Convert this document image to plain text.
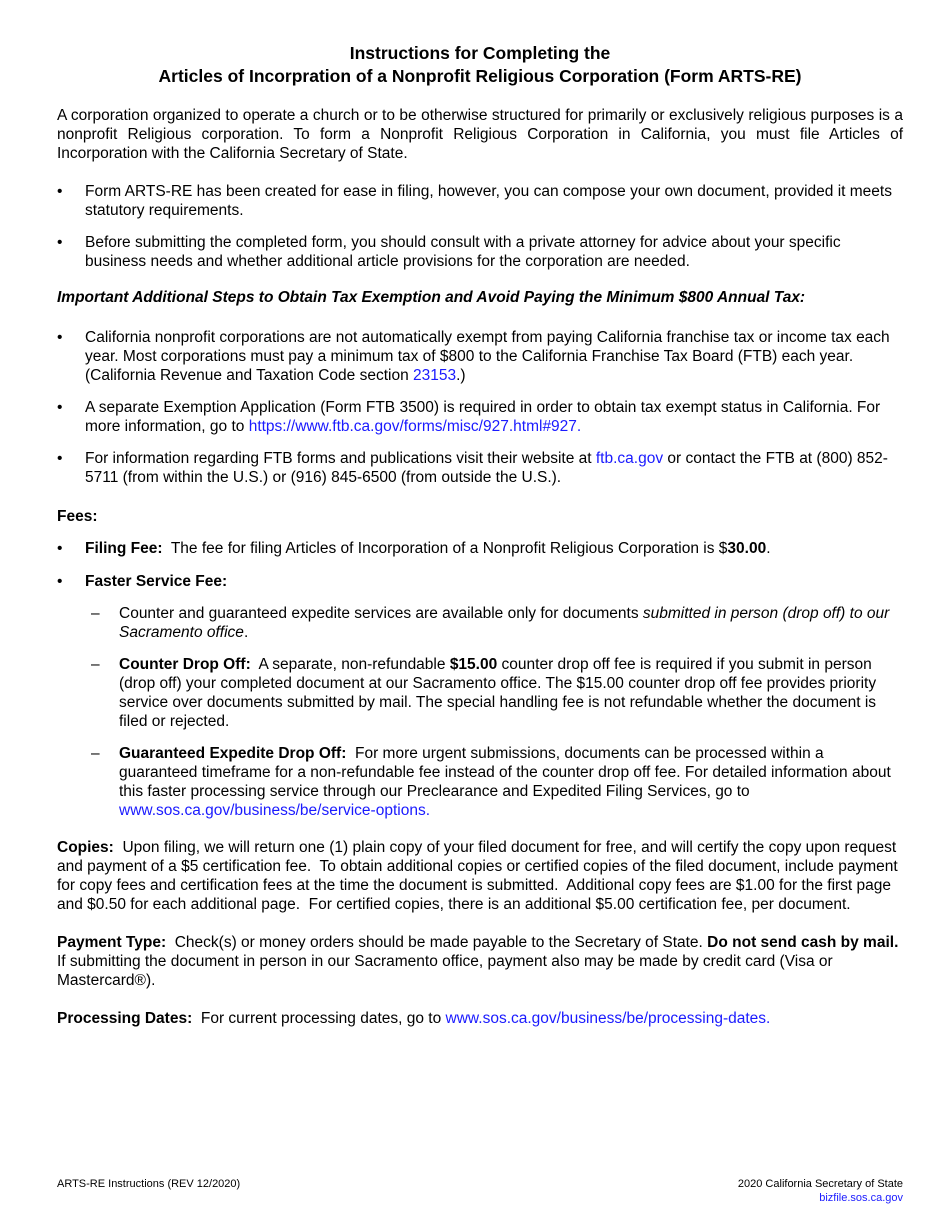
Instructions for Completing the
Articles of Incorpration of a Nonprofit Religious Corporation (Form ARTS-RE)

A corporation organized to operate a church or to be otherwise structured for primarily or exclusively religious purposes is a nonprofit Religious corporation. To form a Nonprofit Religious Corporation in California, you must file Articles of Incorporation with the California Secretary of State.

• Form ARTS-RE has been created for ease in filing, however, you can compose your own document, provided it meets statutory requirements.
• Before submitting the completed form, you should consult with a private attorney for advice about your specific business needs and whether additional article provisions for the corporation are needed.

Important Additional Steps to Obtain Tax Exemption and Avoid Paying the Minimum $800 Annual Tax:

• California nonprofit corporations are not automatically exempt from paying California franchise tax or income tax each year. Most corporations must pay a minimum tax of $800 to the California Franchise Tax Board (FTB) each year. (California Revenue and Taxation Code section 23153.)
• A separate Exemption Application (Form FTB 3500) is required in order to obtain tax exempt status in California. For more information, go to https://www.ftb.ca.gov/forms/misc/927.html#927.
• For information regarding FTB forms and publications visit their website at ftb.ca.gov or contact the FTB at (800) 852-5711 (from within the U.S.) or (916) 845-6500 (from outside the U.S.).

Fees:

• Filing Fee:  The fee for filing Articles of Incorporation of a Nonprofit Religious Corporation is $30.00.
• Faster Service Fee:
– Counter and guaranteed expedite services are available only for documents submitted in person (drop off) to our Sacramento office.
– Counter Drop Off:  A separate, non-refundable $15.00 counter drop off fee is required if you submit in person (drop off) your completed document at our Sacramento office. The $15.00 counter drop off fee provides priority service over documents submitted by mail. The special handling fee is not refundable whether the document is filed or rejected.
– Guaranteed Expedite Drop Off:  For more urgent submissions, documents can be processed within a guaranteed timeframe for a non-refundable fee instead of the counter drop off fee. For detailed information about this faster processing service through our Preclearance and Expedited Filing Services, go to www.sos.ca.gov/business/be/service-options.

Copies:  Upon filing, we will return one (1) plain copy of your filed document for free, and will certify the copy upon request and payment of a $5 certification fee.  To obtain additional copies or certified copies of the filed document, include payment for copy fees and certification fees at the time the document is submitted.  Additional copy fees are $1.00 for the first page and $0.50 for each additional page.  For certified copies, there is an additional $5.00 certification fee, per document.

Payment Type:  Check(s) or money orders should be made payable to the Secretary of State. Do not send cash by mail.  If submitting the document in person in our Sacramento office, payment also may be made by credit card (Visa or Mastercard®).

Processing Dates:  For current processing dates, go to www.sos.ca.gov/business/be/processing-dates.

ARTS-RE Instructions (REV 12/2020)	2020 California Secretary of State
bizfile.sos.ca.gov
